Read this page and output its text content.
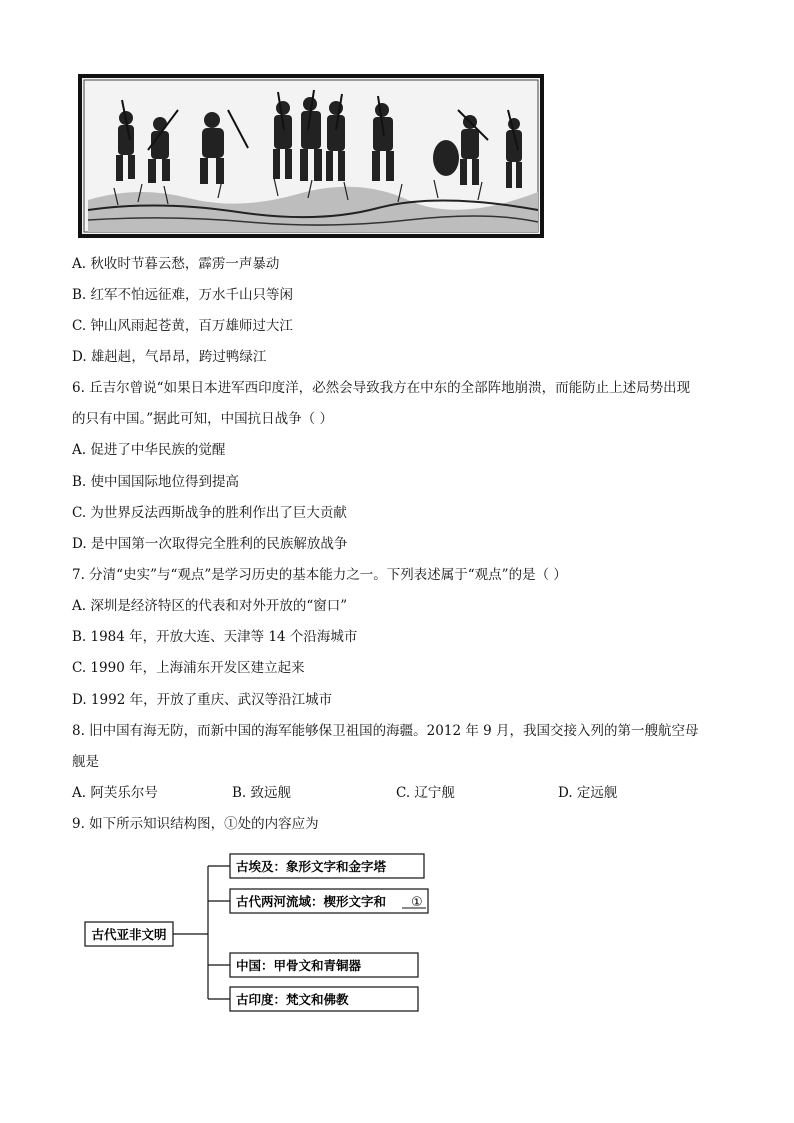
A. 秋收时节暮云愁，霹雳一声暴动
B. 红军不怕远征难，万水千山只等闲
C. 钟山风雨起苍黄，百万雄师过大江
D. 雄赳赳，气昂昂，跨过鸭绿江
6. 丘吉尔曾说“如果日本进军西印度洋，必然会导致我方在中东的全部阵地崩溃，而能防止上述局势出现
的只有中国。”据此可知，中国抗日战争（ ）
A. 促进了中华民族的觉醒
B. 使中国国际地位得到提高
C. 为世界反法西斯战争的胜利作出了巨大贡献
D. 是中国第一次取得完全胜利的民族解放战争
7. 分清“史实”与“观点”是学习历史的基本能力之一。下列表述属于“观点”的是（ ）
A. 深圳是经济特区的代表和对外开放的“窗口”
B. 1984 年，开放大连、天津等 14 个沿海城市
C. 1990 年，上海浦东开发区建立起来
D. 1992 年，开放了重庆、武汉等沿江城市
8. 旧中国有海无防，而新中国的海军能够保卫祖国的海疆。2012 年 9 月，我国交接入列的第一艘航空母
舰是
A. 阿芙乐尔号	B. 致远舰	C. 辽宁舰	D. 定远舰
9. 如下所示知识结构图，①处的内容应为
古代亚非文明
古埃及：象形文字和金字塔
古代两河流域：楔形文字和 ①
中国：甲骨文和青铜器
古印度：梵文和佛教
